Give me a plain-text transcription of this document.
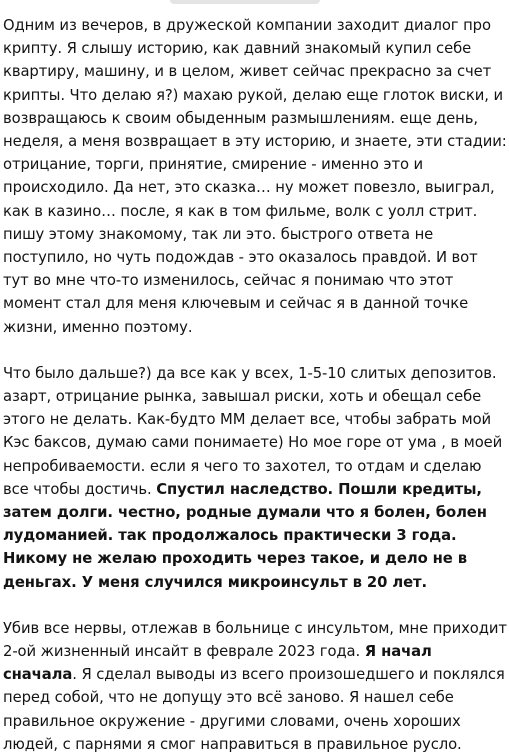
Одним из вечеров, в дружеской компании заходит диалог про крипту. Я слышу историю, как давний знакомый купил себе квартиру, машину, и в целом, живет сейчас прекрасно за счет крипты. Что делаю я?) махаю рукой, делаю еще глоток виски, и возвращаюсь к своим обыденным размышлениям. еще день, неделя, а меня возвращает в эту историю, и знаете, эти стадии: отрицание, торги, принятие, смирение - именно это и происходило. Да нет, это сказка… ну может повезло, выиграл, как в казино… после, я как в том фильме, волк с уолл стрит. пишу этому знакомому, так ли это. быстрого ответа не поступило, но чуть подождав - это оказалось правдой. И вот тут во мне что-то изменилось, сейчас я понимаю что этот момент стал для меня ключевым и сейчас я в данной точке жизни, именно поэтому.

Что было дальше?) да все как у всех, 1-5-10 слитых депозитов. азарт, отрицание рынка, завышал риски, хоть и обещал себе этого не делать. Как-будто ММ делает все, чтобы забрать мой Кэс баксов, думаю сами понимаете) Но мое горе от ума , в моей непробиваемости. если я чего то захотел, то отдам и сделаю все чтобы достичь. Спустил наследство. Пошли кредиты, затем долги. честно, родные думали что я болен, болен лудоманией. так продолжалось практически 3 года. Никому не желаю проходить через такое, и дело не в деньгах. У меня случился микроинсульт в 20 лет.

Убив все нервы, отлежав в больнице с инсультом, мне приходит 2-ой жизненный инсайт в феврале 2023 года. Я начал сначала. Я сделал выводы из всего произошедшего и поклялся перед собой, что не допущу это всё заново. Я нашел себе правильное окружение - другими словами, очень хороших людей, с парнями я смог направиться в правильное русло.
